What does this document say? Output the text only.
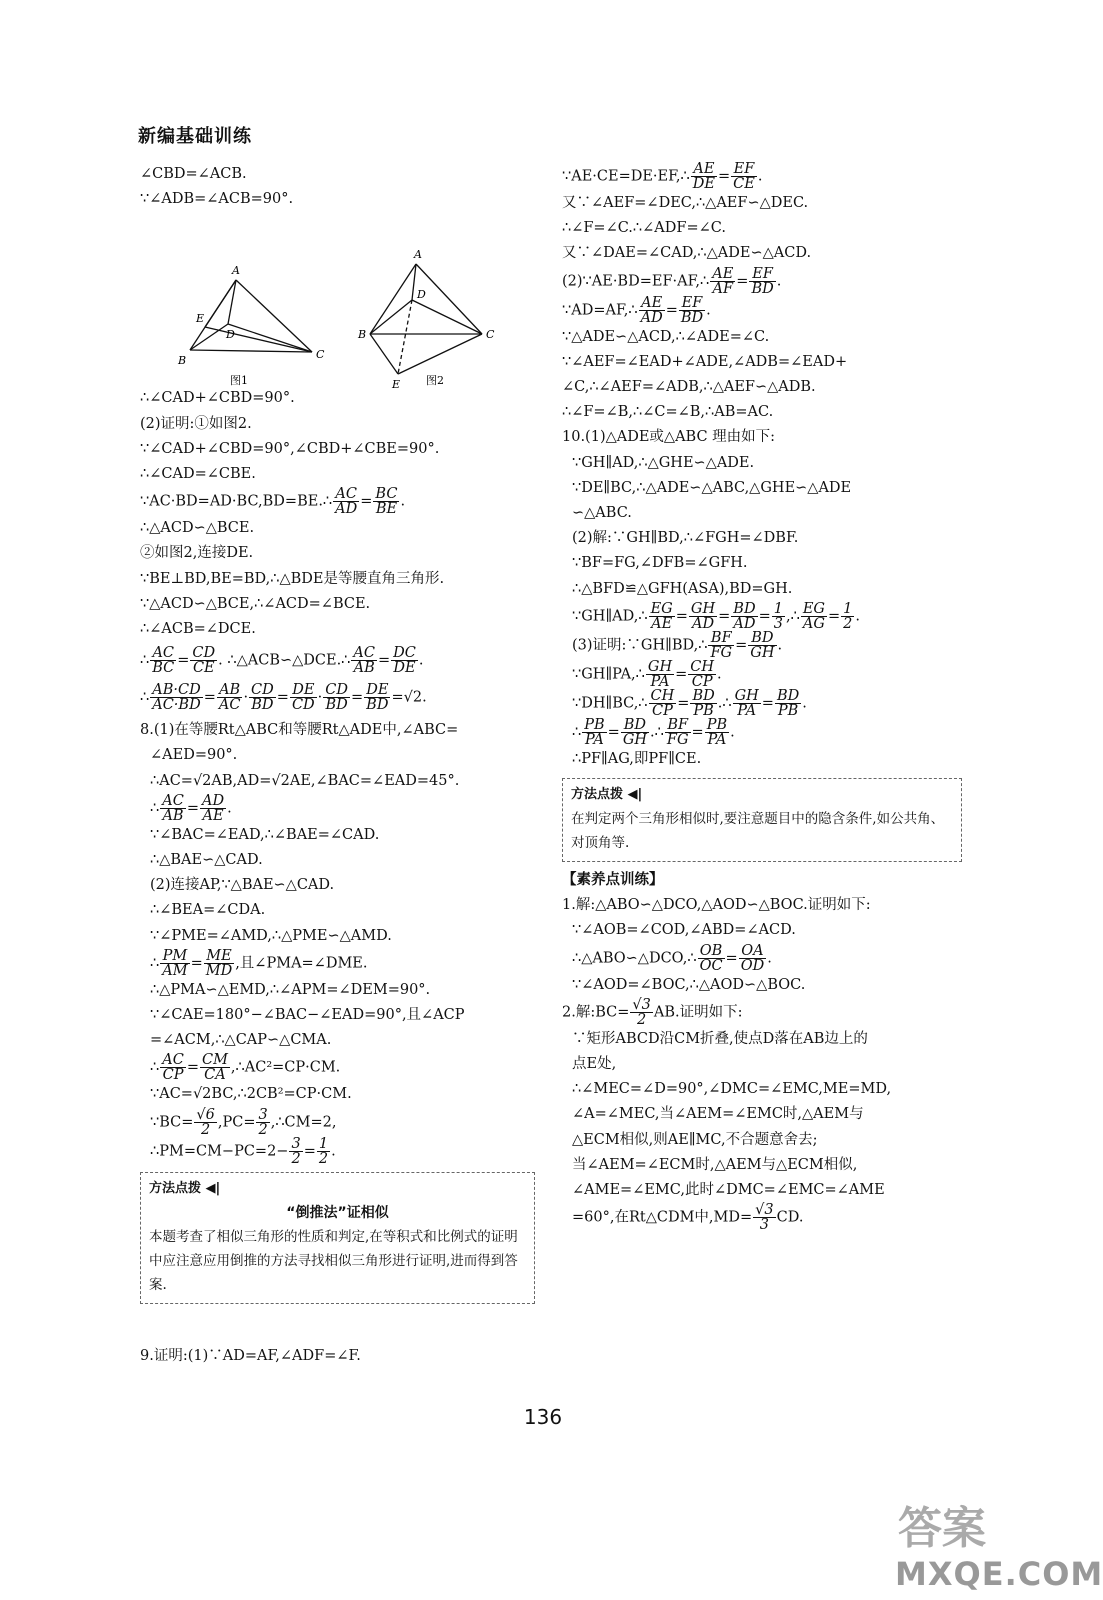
新编基础训练
∠CBD=∠ACB.
∵∠ADB=∠ACB=90°.
A
B	C
D
E
图1
A
B	C
D
E 图2
∴∠CAD+∠CBD=90°.
(2)证明:①如图2.
∵∠CAD+∠CBD=90°,∠CBD+∠CBE=90°.
∴∠CAD=∠CBE.
∵AC·BD=AD·BC,BD=BE.∴ $\frac{AC}{AD} = \frac{BC}{BE}$ .
∴△ACD∽△BCE.
②如图2,连接DE.
∵BE⊥BD,BE=BD,∴△BDE是等腰直角三角形.
∵△ACD∽△BCE,∴∠ACD=∠BCE.
∴∠ACB=∠DCE.
∴ $\frac{AC}{BC} = \frac{CD}{CE}$ . ∴△ACB∽△DCE.∴ $\frac{AC}{AB} = \frac{DC}{DE}$ .
∴ $\frac{AB\cdot CD}{AC\cdot BD} = \frac{AB}{AC} \cdot \frac{CD}{BD} = \frac{DE}{CD} \cdot \frac{CD}{BD} = \frac{DE}{BD} =√2$.
8.(1)在等腰Rt△ABC和等腰Rt△ADE中,∠ABC=
∠AED=90°.
∴AC=√2AB,AD=√2AE,∠BAC=∠EAD=45°.
∴ $\frac{AC}{AB} = \frac{AD}{AE}$ .
∵∠BAC=∠EAD,∴∠BAE=∠CAD.
∴△BAE∽△CAD.
(2)连接AP,∵△BAE∽△CAD.
∴∠BEA=∠CDA.
∵∠PME=∠AMD,∴△PME∽△AMD.
∴ $\frac{PM}{AM} = \frac{ME}{MD}$ ,且∠PMA=∠DME.
∴△PMA∽△EMD,∴∠APM=∠DEM=90°.
∵∠CAE=180°−∠BAC−∠EAD=90°,且∠ACP
=∠ACM,∴△CAP∽△CMA.
∴ $\frac{AC}{CP} = \frac{CM}{CA}$ ,∴AC²=CP·CM.
∵AC=√2BC,∴2CB²=CP·CM.
∵BC= $\frac{√6}{2} ,PC= \frac{3}{2}$ ,∴CM=2,
∴PM=CM−PC=2− $\frac{3}{2} = \frac{1}{2}$ .
方法点拨 ◀|
“倒推法”证相似
本题考查了相似三角形的性质和判定,在等积式和比例式的证明中应注意应用倒推的方法寻找相似三角形进行证明,进而得到答案.
9.证明:(1)∵AD=AF,∠ADF=∠F.
∵AE·CE=DE·EF,∴ $\frac{AE}{DE} = \frac{EF}{CE}$ .
又∵∠AEF=∠DEC,∴△AEF∽△DEC.
∴∠F=∠C.∴∠ADF=∠C.
又∵∠DAE=∠CAD,∴△ADE∽△ACD.
(2)∵AE·BD=EF·AF,∴ $\frac{AE}{AF} = \frac{EF}{BD}$ .
∵AD=AF,∴ $\frac{AE}{AD} = \frac{EF}{BD}$ .
∵△ADE∽△ACD,∴∠ADE=∠C.
∵∠AEF=∠EAD+∠ADE,∠ADB=∠EAD+
∠C,∴∠AEF=∠ADB,∴△AEF∽△ADB.
∴∠F=∠B,∴∠C=∠B,∴AB=AC.
10.(1)△ADE或△ABC 理由如下:
∵GH∥AD,∴△GHE∽△ADE.
∵DE∥BC,∴△ADE∽△ABC,△GHE∽△ADE
∽△ABC.
(2)解:∵GH∥BD,∴∠FGH=∠DBF.
∵BF=FG,∠DFB=∠GFH.
∴△BFD≌△GFH(ASA),BD=GH.
∵GH∥AD,∴ $\frac{EG}{AE} = \frac{GH}{AD} = \frac{BD}{AD} = \frac{1}{3}$ ,∴ $\frac{EG}{AG} = \frac{1}{2}$ .
(3)证明:∵GH∥BD,∴ $\frac{BF}{FG} = \frac{BD}{GH}$ .
∵GH∥PA,∴ $\frac{GH}{PA} = \frac{CH}{CP}$ .
∵DH∥BC,∴ $\frac{CH}{CP} = \frac{BD}{PB}$ .∴ $\frac{GH}{PA} = \frac{BD}{PB}$ .
∴ $\frac{PB}{PA} = \frac{BD}{GH}$ .∴ $\frac{BF}{FG} = \frac{PB}{PA}$ .
∴PF∥AG,即PF∥CE.
方法点拨 ◀|
在判定两个三角形相似时,要注意题目中的隐含条件,如公共角、对顶角等.
【素养点训练】
1.解:△ABO∽△DCO,△AOD∽△BOC.证明如下:
∵∠AOB=∠COD,∠ABD=∠ACD.
∴△ABO∽△DCO,∴ $\frac{OB}{OC} = \frac{OA}{OD}$ .
∵∠AOD=∠BOC,∴△AOD∽△BOC.
2.解:BC= $\frac{√3}{2}$ AB.证明如下:
∵矩形ABCD沿CM折叠,使点D落在AB边上的
点E处,
∴∠MEC=∠D=90°,∠DMC=∠EMC,ME=MD,
∠A=∠MEC,当∠AEM=∠EMC时,△AEM与
△ECM相似,则AE∥MC,不合题意舍去;
当∠AEM=∠ECM时,△AEM与△ECM相似,
∠AME=∠EMC,此时∠DMC=∠EMC=∠AME
=60°,在Rt△CDM中$,MD= \frac{√3}{3}$ CD.
136
答案
MXQE.COM
